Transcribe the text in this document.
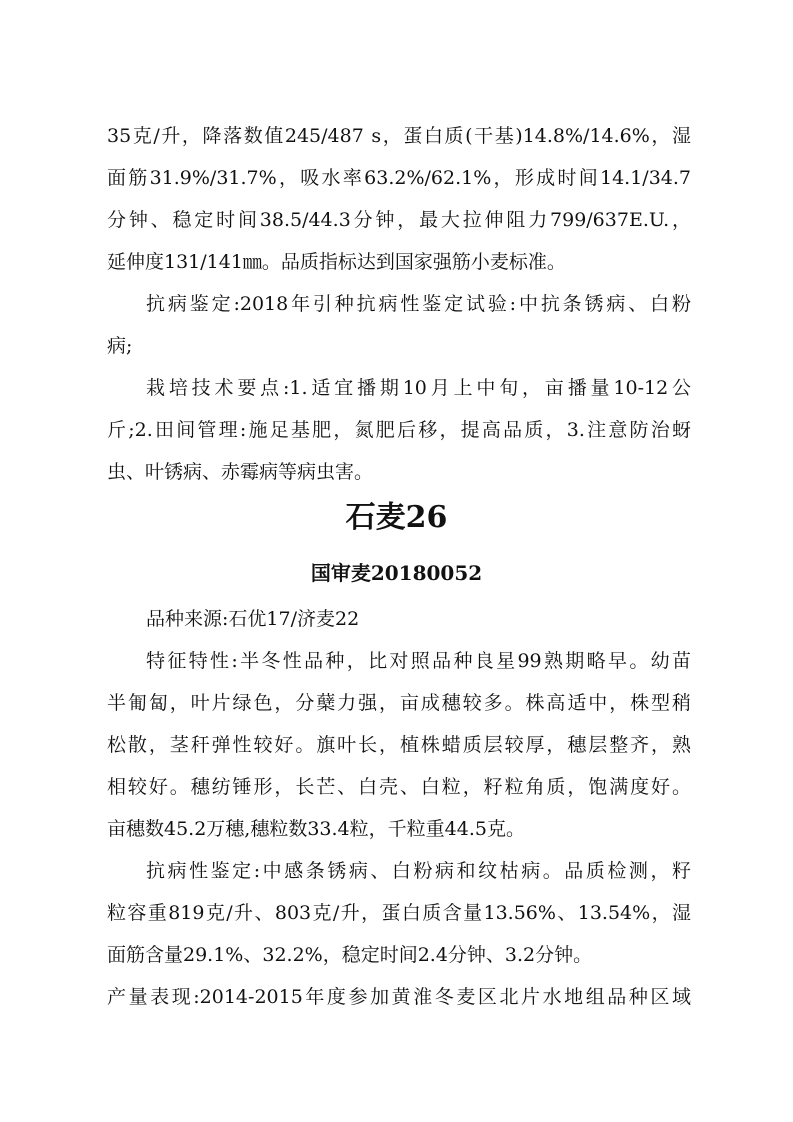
35克/升，降落数值245/487 s，蛋白质(干基)14.8%/14.6%，湿
面筋31.9%/31.7%，吸水率63.2%/62.1%，形成时间14.1/34.7
分钟、稳定时间38.5/44.3分钟，最大拉伸阻力799/637E.U.，
延伸度131/141㎜。品质指标达到国家强筋小麦标准。
抗病鉴定:2018年引种抗病性鉴定试验:中抗条锈病、白粉
病;
栽培技术要点:1.适宜播期10月上中旬，亩播量10-12公
斤;2.田间管理:施足基肥，氮肥后移，提高品质，3.注意防治蚜
虫、叶锈病、赤霉病等病虫害。
石麦26
国审麦20180052
品种来源:石优17/济麦22
特征特性:半冬性品种，比对照品种良星99熟期略早。幼苗
半匍匐，叶片绿色，分蘖力强，亩成穗较多。株高适中，株型稍
松散，茎秆弹性较好。旗叶长，植株蜡质层较厚，穗层整齐，熟
相较好。穗纺锤形，长芒、白壳、白粒，籽粒角质，饱满度好。
亩穗数45.2万穗,穗粒数33.4粒，千粒重44.5克。
抗病性鉴定:中感条锈病、白粉病和纹枯病。品质检测，籽
粒容重819克/升、803克/升，蛋白质含量13.56%、13.54%，湿
面筋含量29.1%、32.2%，稳定时间2.4分钟、3.2分钟。
产量表现:2014-2015年度参加黄淮冬麦区北片水地组品种区域
